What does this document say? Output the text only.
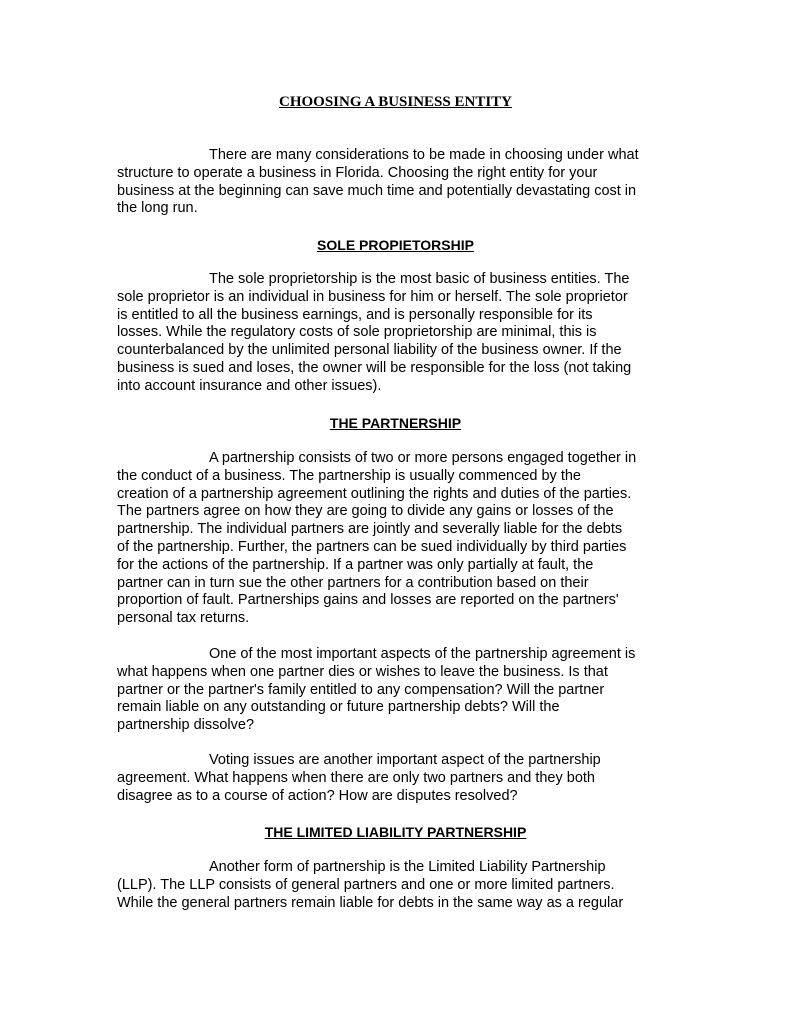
CHOOSING A BUSINESS ENTITY
There are many considerations to be made in choosing under what
structure to operate a business in Florida. Choosing the right entity for your
business at the beginning can save much time and potentially devastating cost in
the long run.
SOLE PROPIETORSHIP
The sole proprietorship is the most basic of business entities. The
sole proprietor is an individual in business for him or herself. The sole proprietor
is entitled to all the business earnings, and is personally responsible for its
losses. While the regulatory costs of sole proprietorship are minimal, this is
counterbalanced by the unlimited personal liability of the business owner. If the
business is sued and loses, the owner will be responsible for the loss (not taking
into account insurance and other issues).
THE PARTNERSHIP
A partnership consists of two or more persons engaged together in
the conduct of a business. The partnership is usually commenced by the
creation of a partnership agreement outlining the rights and duties of the parties.
The partners agree on how they are going to divide any gains or losses of the
partnership. The individual partners are jointly and severally liable for the debts
of the partnership. Further, the partners can be sued individually by third parties
for the actions of the partnership. If a partner was only partially at fault, the
partner can in turn sue the other partners for a contribution based on their
proportion of fault. Partnerships gains and losses are reported on the partners'
personal tax returns.
One of the most important aspects of the partnership agreement is
what happens when one partner dies or wishes to leave the business. Is that
partner or the partner's family entitled to any compensation? Will the partner
remain liable on any outstanding or future partnership debts? Will the
partnership dissolve?
Voting issues are another important aspect of the partnership
agreement. What happens when there are only two partners and they both
disagree as to a course of action? How are disputes resolved?
THE LIMITED LIABILITY PARTNERSHIP
Another form of partnership is the Limited Liability Partnership
(LLP). The LLP consists of general partners and one or more limited partners.
While the general partners remain liable for debts in the same way as a regular
